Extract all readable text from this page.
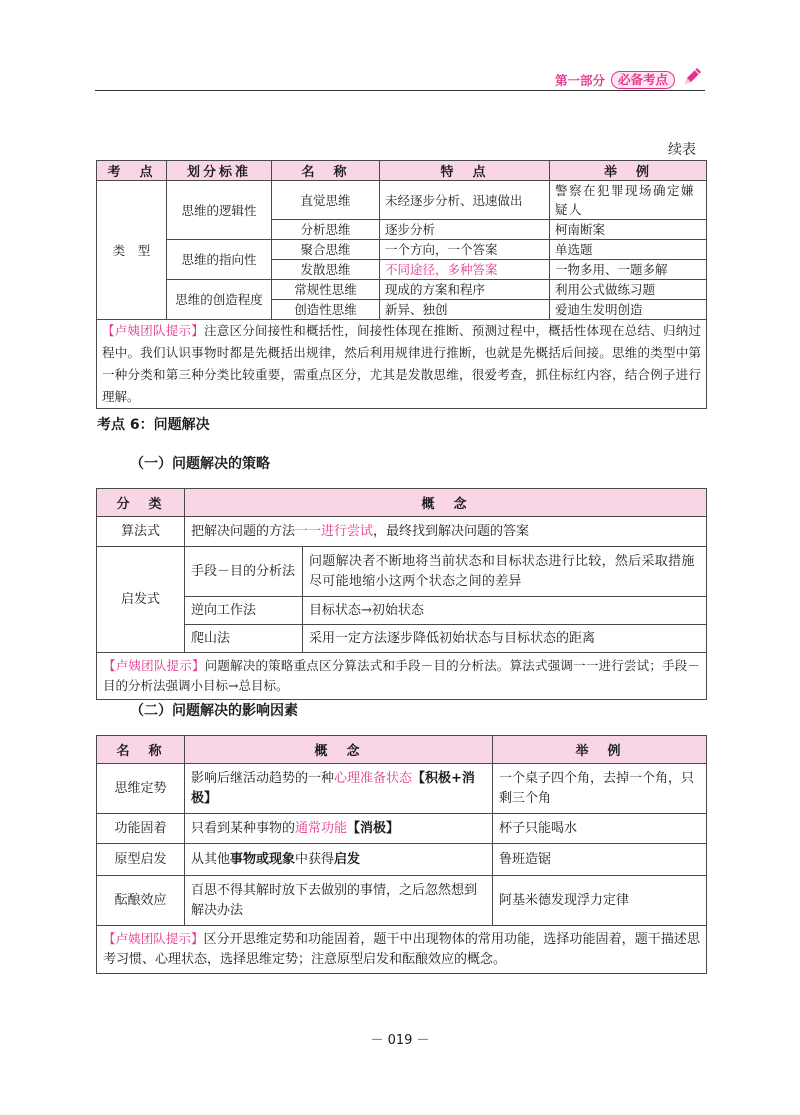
第一部分	必备考点
续表
考　点	划分标准	名　称	特　点	举　例
类　型	思维的逻辑性	直觉思维	未经逐步分析、迅速做出	警察在犯罪现场确定嫌疑人
		分析思维	逐步分析	柯南断案
	思维的指向性	聚合思维	一个方向，一个答案	单选题
		发散思维	不同途径，多种答案	一物多用、一题多解
	思维的创造程度	常规性思维	现成的方案和程序	利用公式做练习题
		创造性思维	新异、独创	爱迪生发明创造
【卢姨团队提示】注意区分间接性和概括性，间接性体现在推断、预测过程中，概括性体现在总结、归纳过程中。我们认识事物时都是先概括出规律，然后利用规律进行推断，也就是先概括后间接。思维的类型中第一种分类和第三种分类比较重要，需重点区分，尤其是发散思维，很爱考查，抓住标红内容，结合例子进行理解。				
考点 6：问题解决
（一）问题解决的策略
分　类	概　念	
算法式	把解决问题的方法一一进行尝试，最终找到解决问题的答案	
启发式	手段－目的分析法	问题解决者不断地将当前状态和目标状态进行比较，然后采取措施尽可能地缩小这两个状态之间的差异
	逆向工作法	目标状态→初始状态
	爬山法	采用一定方法逐步降低初始状态与目标状态的距离
【卢姨团队提示】问题解决的策略重点区分算法式和手段－目的分析法。算法式强调一一进行尝试；手段－目的分析法强调小目标→总目标。		
（二）问题解决的影响因素
名　称	概　念	举　例
思维定势	影响后继活动趋势的一种心理准备状态【积极+消极】	一个桌子四个角，去掉一个角，只剩三个角
功能固着	只看到某种事物的通常功能【消极】	杯子只能喝水
原型启发	从其他事物或现象中获得启发	鲁班造锯
酝酿效应	百思不得其解时放下去做别的事情，之后忽然想到解决办法	阿基米德发现浮力定律
【卢姨团队提示】区分开思维定势和功能固着，题干中出现物体的常用功能，选择功能固着，题干描述思考习惯、心理状态，选择思维定势；注意原型启发和酝酿效应的概念。		
－ 019 －
